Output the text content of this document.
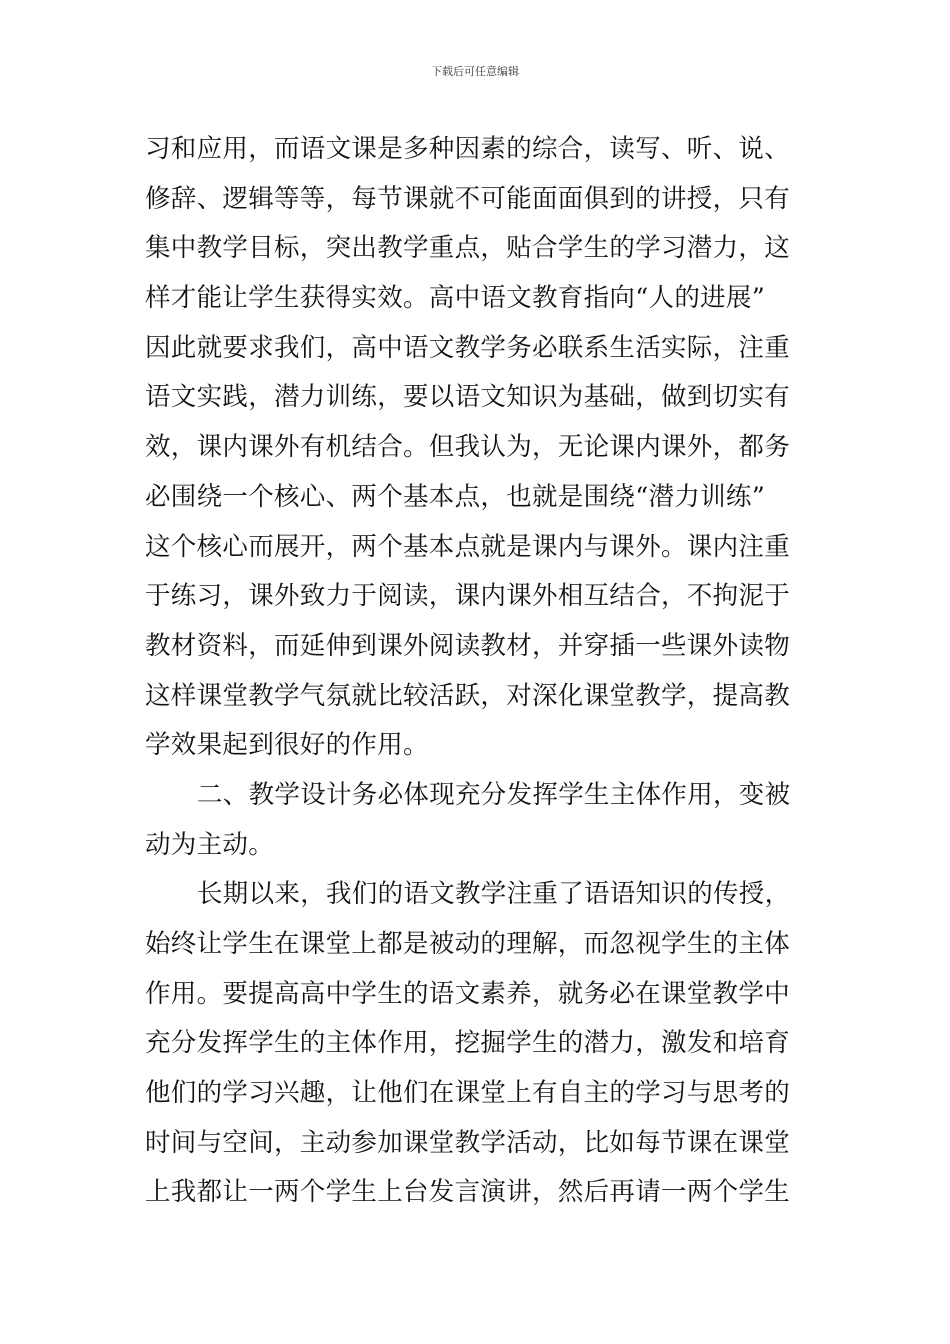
下载后可任意编辑
习和应用，而语文课是多种因素的综合，读写、听、说、
修辞、逻辑等等，每节课就不可能面面俱到的讲授，只有
集中教学目标，突出教学重点，贴合学生的学习潜力，这
样才能让学生获得实效。高中语文教育指向“人的进展”
因此就要求我们，高中语文教学务必联系生活实际，注重
语文实践，潜力训练，要以语文知识为基础，做到切实有
效，课内课外有机结合。但我认为，无论课内课外，都务
必围绕一个核心、两个基本点，也就是围绕“潜力训练”
这个核心而展开，两个基本点就是课内与课外。课内注重
于练习，课外致力于阅读，课内课外相互结合，不拘泥于
教材资料，而延伸到课外阅读教材，并穿插一些课外读物
这样课堂教学气氛就比较活跃，对深化课堂教学，提高教
学效果起到很好的作用。
二、教学设计务必体现充分发挥学生主体作用，变被
动为主动。
长期以来，我们的语文教学注重了语语知识的传授，
始终让学生在课堂上都是被动的理解，而忽视学生的主体
作用。要提高高中学生的语文素养，就务必在课堂教学中
充分发挥学生的主体作用，挖掘学生的潜力，激发和培育
他们的学习兴趣，让他们在课堂上有自主的学习与思考的
时间与空间，主动参加课堂教学活动，比如每节课在课堂
上我都让一两个学生上台发言演讲，然后再请一两个学生
